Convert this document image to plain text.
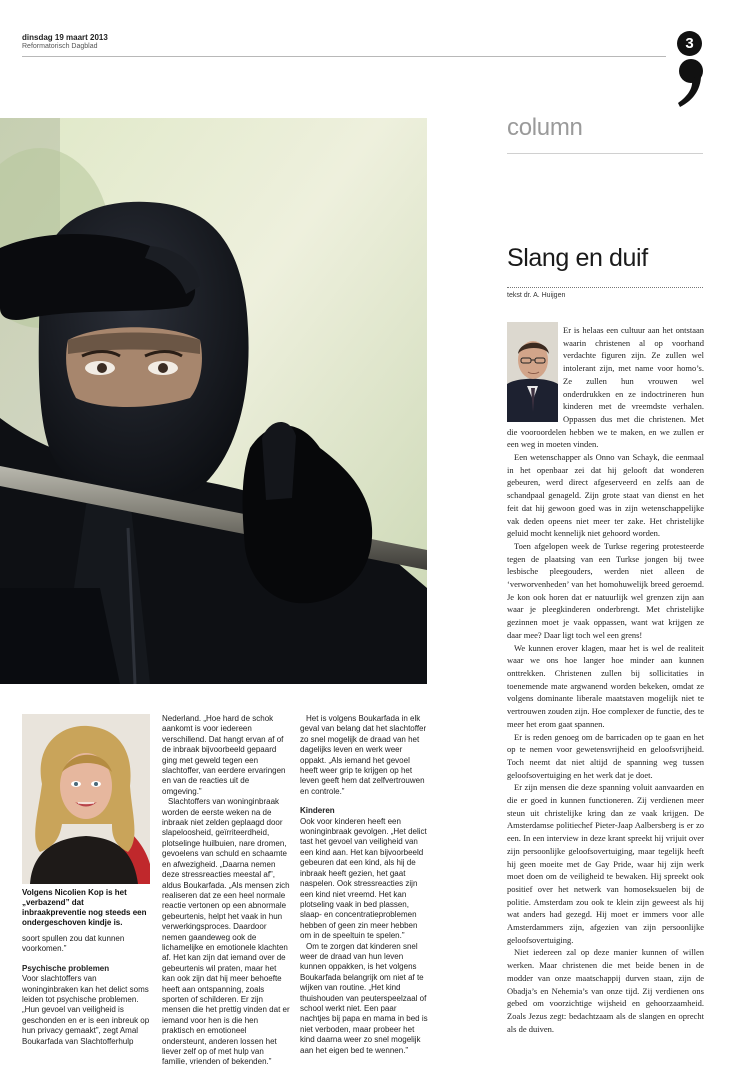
dinsdag 19 maart 2013
Reformatorisch Dagblad	3
column
Slang en duif
tekst dr. A. Huijgen

Er is helaas een cultuur aan het ontstaan waarin christenen al op voorhand verdachte figuren zijn. Ze zullen wel intolerant zijn, met name voor homo’s. Ze zullen hun vrouwen wel onderdrukken en ze indoctrineren hun kinderen met de vreemdste verhalen. Oppassen dus met die christenen. Met die vooroordelen hebben we te maken, en we zullen er een weg in moeten vinden.

Een wetenschapper als Onno van Schayk, die eenmaal in het openbaar zei dat hij gelooft dat wonderen gebeuren, werd direct afgeserveerd en zelfs aan de schandpaal genageld. Zijn grote staat van dienst en het feit dat hij gewoon goed was in zijn wetenschappelijke vak deden opeens niet meer ter zake. Het christelijke geluid mocht kennelijk niet gehoord worden.

Toen afgelopen week de Turkse regering protesteerde tegen de plaatsing van een Turkse jongen bij twee lesbische pleegouders, werden niet alleen de ‘verworvenheden’ van het homohuwelijk breed geroemd. Je kon ook horen dat er natuurlijk wel grenzen zijn aan waar je pleegkinderen onderbrengt. Met christelijke gezinnen moet je vaak oppassen, want wat krijgen ze daar mee? Daar ligt toch wel een grens!

We kunnen erover klagen, maar het is wel de realiteit waar we ons hoe langer hoe minder aan kunnen onttrekken. Christenen zullen bij sollicitaties in toenemende mate argwanend worden bekeken, omdat ze volgens dominante liberale maatstaven mogelijk niet te vertrouwen zouden zijn. Hoe complexer de functie, des te meer het erom gaat spannen.

Er is reden genoeg om de barricaden op te gaan en het op te nemen voor gewetensvrijheid en geloofsvrijheid. Toch neemt dat niet altijd de spanning weg tussen geloofsovertuiging en het werk dat je doet.

Er zijn mensen die deze spanning voluit aanvaarden en die er goed in kunnen functioneren. Zij verdienen meer steun uit christelijke kring dan ze vaak krijgen. De Amsterdamse politiechef Pieter-Jaap Aalbersberg is er zo een. In een interview in deze krant spreekt hij vrijuit over zijn persoonlijke geloofsovertuiging, maar tegelijk heeft hij geen moeite met de Gay Pride, waar hij zijn werk moet doen om de veiligheid te bewaken. Hij spreekt ook positief over het netwerk van homoseksuelen bij de politie. Amsterdam zou ook te klein zijn geweest als hij wat anders had gezegd. Hij moet er immers voor alle Amsterdammers zijn, afgezien van zijn persoonlijke geloofsovertuiging.

Niet iedereen zal op deze manier kunnen of willen werken. Maar christenen die met beide benen in de modder van onze maatschappij durven staan, zijn de Obadja’s en Nehemia’s van onze tijd. Zij verdienen ons gebed om voorzichtige wijsheid en gehoorzaamheid. Zoals Jezus zegt: bedachtzaam als de slangen en oprecht als de duiven.

Volgens Nicolien Kop is het „verbazend” dat inbraakpreventie nog steeds een ondergeschoven kindje is.

soort spullen zou dat kunnen voorkomen.”

Psychische problemen

Voor slachtoffers van woninginbraken kan het delict soms leiden tot psychische problemen. „Hun gevoel van veiligheid is geschonden en er is een inbreuk op hun privacy gemaakt”, zegt Amal Boukarfada van Slachtofferhulp

Nederland. „Hoe hard de schok aankomt is voor iedereen verschillend. Dat hangt ervan af of de inbraak bijvoorbeeld gepaard ging met geweld tegen een slachtoffer, van eerdere ervaringen en van de reacties uit de omgeving.”

Slachtoffers van woninginbraak worden de eerste weken na de inbraak niet zelden geplaagd door slapeloosheid, geïrriteerdheid, plotselinge huilbuien, nare dromen, gevoelens van schuld en schaamte en afwezigheid. „Daarna nemen deze stressreacties meestal af”, aldus Boukarfada. „Als mensen zich realiseren dat ze een heel normale reactie vertonen op een abnormale gebeurtenis, helpt het vaak in hun verwerkingsproces. Daardoor nemen gaandeweg ook de lichamelijke en emotionele klachten af. Het kan zijn dat iemand over de gebeurtenis wil praten, maar het kan ook zijn dat hij meer behoefte heeft aan ontspanning, zoals sporten of schilderen. Er zijn mensen die het prettig vinden dat er iemand voor hen is die hen praktisch en emotioneel ondersteunt, anderen lossen het liever zelf op of met hulp van familie, vrienden of bekenden.”

Het is volgens Boukarfada in elk geval van belang dat het slachtoffer zo snel mogelijk de draad van het dagelijks leven en werk weer oppakt. „Als iemand het gevoel heeft weer grip te krijgen op het leven geeft hem dat zelfvertrouwen en controle.”

Kinderen

Ook voor kinderen heeft een woninginbraak gevolgen. „Het delict tast het gevoel van veiligheid van een kind aan. Het kan bijvoorbeeld gebeuren dat een kind, als hij de inbraak heeft gezien, het gaat naspelen. Ook stressreacties zijn een kind niet vreemd. Het kan plotseling vaak in bed plassen, slaap- en concentratieproblemen hebben of geen zin meer hebben om in de speeltuin te spelen.”

Om te zorgen dat kinderen snel weer de draad van hun leven kunnen oppakken, is het volgens Boukarfada belangrijk om niet af te wijken van routine. „Het kind thuishouden van peuterspeelzaal of school werkt niet. Een paar nachtjes bij papa en mama in bed is niet verboden, maar probeer het kind daarna weer zo snel mogelijk aan het eigen bed te wennen.”
